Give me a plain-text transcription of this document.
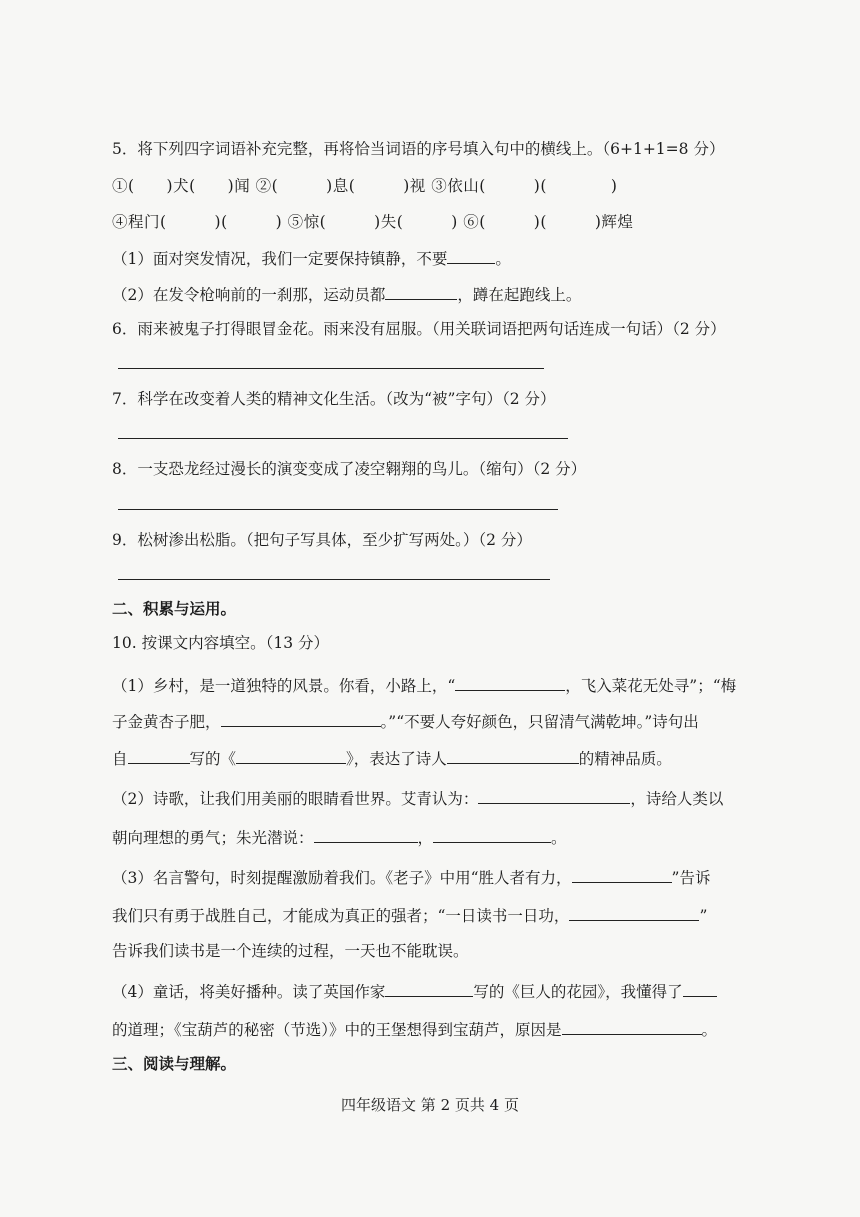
5．将下列四字词语补充完整，再将恰当词语的序号填入句中的横线上。（6+1+1=8 分）
①(　　)犬(　　)闻 ②(　　　)息(　　　)视 ③依山(　　　)(　　　　)
④程门(　　　)(　　　) ⑤惊(　　　)失(　　　) ⑥(　　　)(　　　)辉煌
（1）面对突发情况，我们一定要保持镇静，不要	。
（2）在发令枪响前的一刹那，运动员都	，蹲在起跑线上。
6．雨来被鬼子打得眼冒金花。雨来没有屈服。（用关联词语把两句话连成一句话）（2 分）
7．科学在改变着人类的精神文化生活。（改为“被”字句）（2 分）
8．一支恐龙经过漫长的演变变成了凌空翱翔的鸟儿。（缩句）（2 分）
9．松树渗出松脂。（把句子写具体，至少扩写两处。）（2 分）
二、积累与运用。
10. 按课文内容填空。（13 分）
（1）乡村，是一道独特的风景。你看，小路上，“	，飞入菜花无处寻”；“梅
子金黄杏子肥，	。”“不要人夸好颜色，只留清气满乾坤。”诗句出
自	写的《	》，表达了诗人	的精神品质。
（2）诗歌，让我们用美丽的眼睛看世界。艾青认为：	，诗给人类以
朝向理想的勇气；朱光潜说：	，	。
（3）名言警句，时刻提醒激励着我们。《老子》中用“胜人者有力，	”告诉
我们只有勇于战胜自己，才能成为真正的强者；“一日读书一日功，	”
告诉我们读书是一个连续的过程，一天也不能耽误。
（4）童话，将美好播种。读了英国作家	写的《巨人的花园》，我懂得了
的道理；《宝葫芦的秘密（节选）》中的王堡想得到宝葫芦，原因是	。
三、阅读与理解。
四年级语文 第 2 页共 4 页
